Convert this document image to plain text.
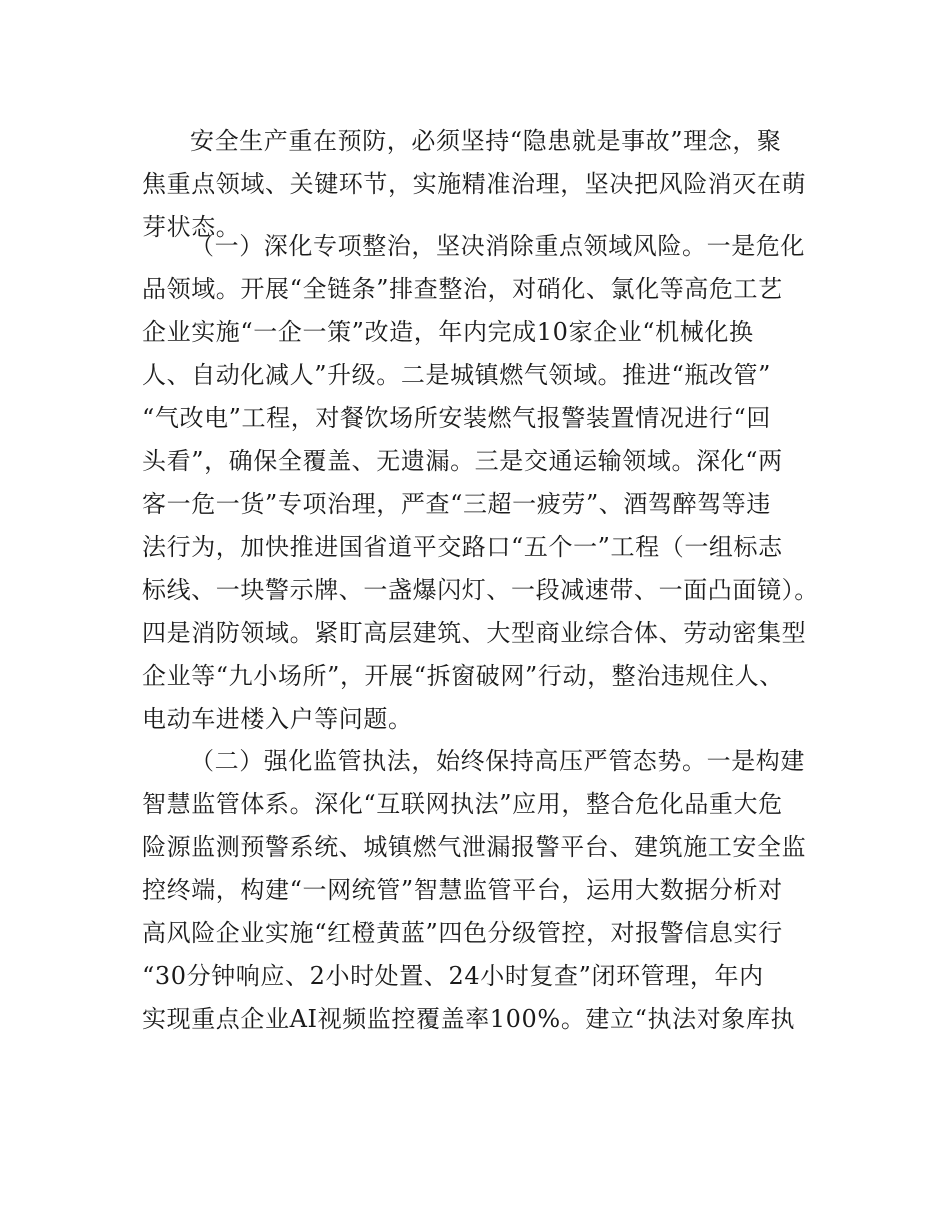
安全生产重在预防，必须坚持“隐患就是事故”理念，聚
焦重点领域、关键环节，实施精准治理，坚决把风险消灭在萌
芽状态。
（一）深化专项整治，坚决消除重点领域风险。一是危化
品领域。开展“全链条”排查整治，对硝化、氯化等高危工艺
企业实施“一企一策”改造，年内完成10家企业“机械化换
人、自动化减人”升级。二是城镇燃气领域。推进“瓶改管”
“气改电”工程，对餐饮场所安装燃气报警装置情况进行“回
头看”，确保全覆盖、无遗漏。三是交通运输领域。深化“两
客一危一货”专项治理，严查“三超一疲劳”、酒驾醉驾等违
法行为，加快推进国省道平交路口“五个一”工程（一组标志
标线、一块警示牌、一盏爆闪灯、一段减速带、一面凸面镜）。
四是消防领域。紧盯高层建筑、大型商业综合体、劳动密集型
企业等“九小场所”，开展“拆窗破网”行动，整治违规住人、
电动车进楼入户等问题。
（二）强化监管执法，始终保持高压严管态势。一是构建
智慧监管体系。深化“互联网执法”应用，整合危化品重大危
险源监测预警系统、城镇燃气泄漏报警平台、建筑施工安全监
控终端，构建“一网统管”智慧监管平台，运用大数据分析对
高风险企业实施“红橙黄蓝”四色分级管控，对报警信息实行
“30分钟响应、2小时处置、24小时复查”闭环管理，年内
实现重点企业AI视频监控覆盖率100%。建立“执法对象库执
